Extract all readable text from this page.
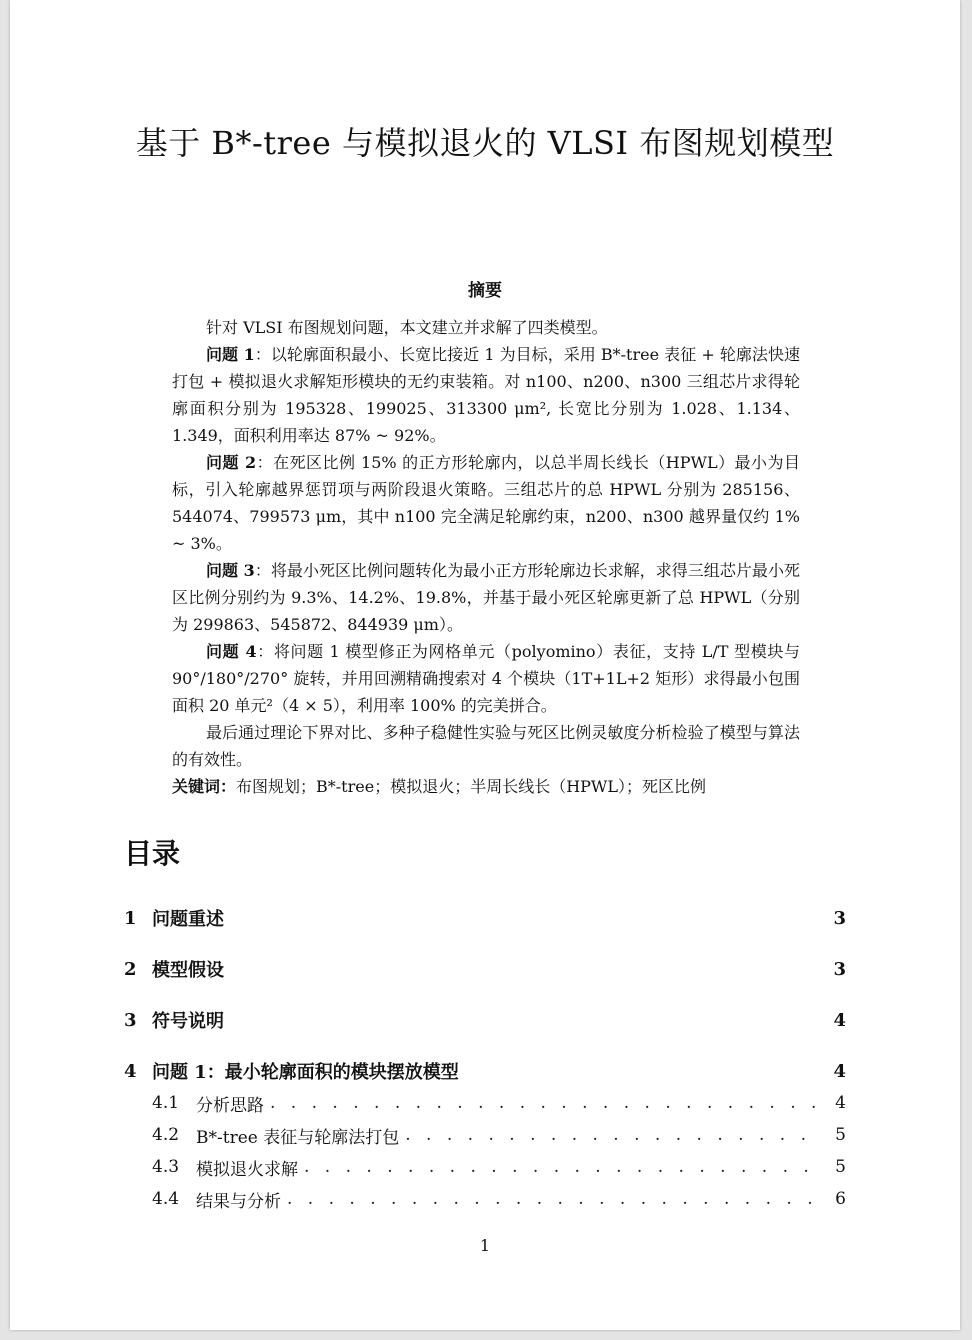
基于 B*-tree 与模拟退火的 VLSI 布图规划模型
摘要

针对 VLSI 布图规划问题，本文建立并求解了四类模型。

问题 1：以轮廓面积最小、长宽比接近 1 为目标，采用 B*-tree 表征 + 轮廓法快速打包 + 模拟退火求解矩形模块的无约束装箱。对 n100、n200、n300 三组芯片求得轮廓面积分别为 195328、199025、313300 μm², 长宽比分别为 1.028、1.134、1.349，面积利用率达 87% ~ 92%。

问题 2：在死区比例 15% 的正方形轮廓内，以总半周长线长（HPWL）最小为目标，引入轮廓越界惩罚项与两阶段退火策略。三组芯片的总 HPWL 分别为 285156、544074、799573 μm，其中 n100 完全满足轮廓约束，n200、n300 越界量仅约 1% ~ 3%。

问题 3：将最小死区比例问题转化为最小正方形轮廓边长求解，求得三组芯片最小死区比例分别约为 9.3%、14.2%、19.8%，并基于最小死区轮廓更新了总 HPWL（分别为 299863、545872、844939 μm）。

问题 4：将问题 1 模型修正为网格单元（polyomino）表征，支持 L/T 型模块与 90°/180°/270° 旋转，并用回溯精确搜索对 4 个模块（1T+1L+2 矩形）求得最小包围面积 20 单元²（4 × 5），利用率 100% 的完美拼合。

最后通过理论下界对比、多种子稳健性实验与死区比例灵敏度分析检验了模型与算法的有效性。

关键词：布图规划；B*-tree；模拟退火；半周长线长（HPWL）；死区比例

目录
1 问题重述	3
2 模型假设	3
3 符号说明	4
4 问题 1：最小轮廓面积的模块摆放模型	4
4.1 分析思路 . . .	4
4.2 B*-tree 表征与轮廓法打包 . . .	5
4.3 模拟退火求解 . . .	5
4.4 结果与分析 . . .	6
1
